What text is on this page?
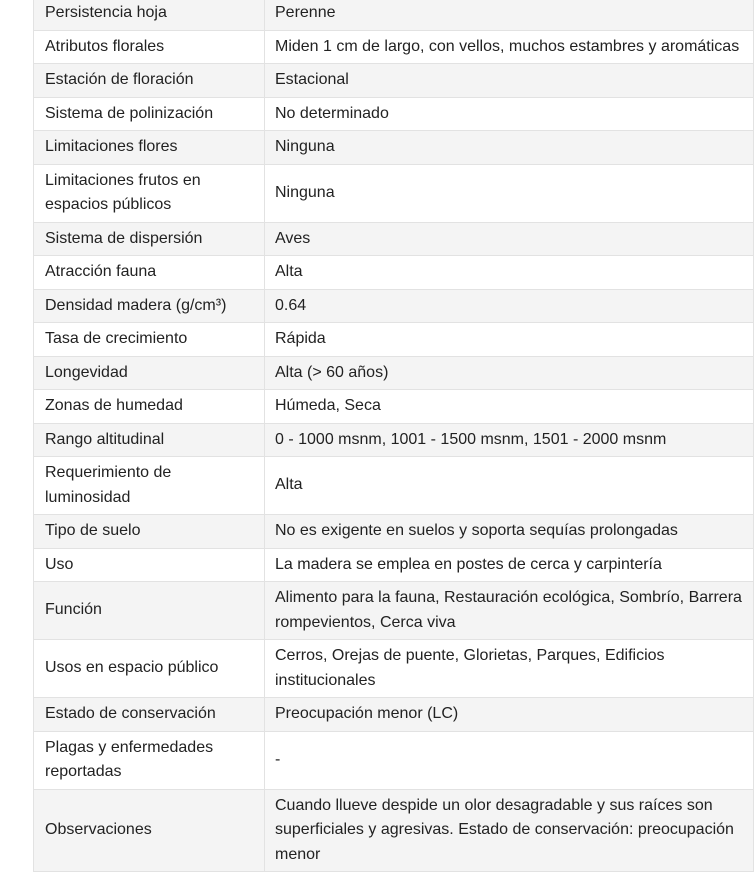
Persistencia hoja	Perenne
Atributos florales	Miden 1 cm de largo, con vellos, muchos estambres y aromáticas
Estación de floración	Estacional
Sistema de polinización	No determinado
Limitaciones flores	Ninguna
Limitaciones frutos en espacios públicos	Ninguna
Sistema de dispersión	Aves
Atracción fauna	Alta
Densidad madera (g/cm³)	0.64
Tasa de crecimiento	Rápida
Longevidad	Alta (> 60 años)
Zonas de humedad	Húmeda, Seca
Rango altitudinal	0 - 1000 msnm, 1001 - 1500 msnm, 1501 - 2000 msnm
Requerimiento de luminosidad	Alta
Tipo de suelo	No es exigente en suelos y soporta sequías prolongadas
Uso	La madera se emplea en postes de cerca y carpintería
Función	Alimento para la fauna, Restauración ecológica, Sombrío, Barrera rompevientos, Cerca viva
Usos en espacio público	Cerros, Orejas de puente, Glorietas, Parques, Edificios institucionales
Estado de conservación	Preocupación menor (LC)
Plagas y enfermedades reportadas	-
Observaciones	Cuando llueve despide un olor desagradable y sus raíces son superficiales y agresivas. Estado de conservación: preocupación menor
